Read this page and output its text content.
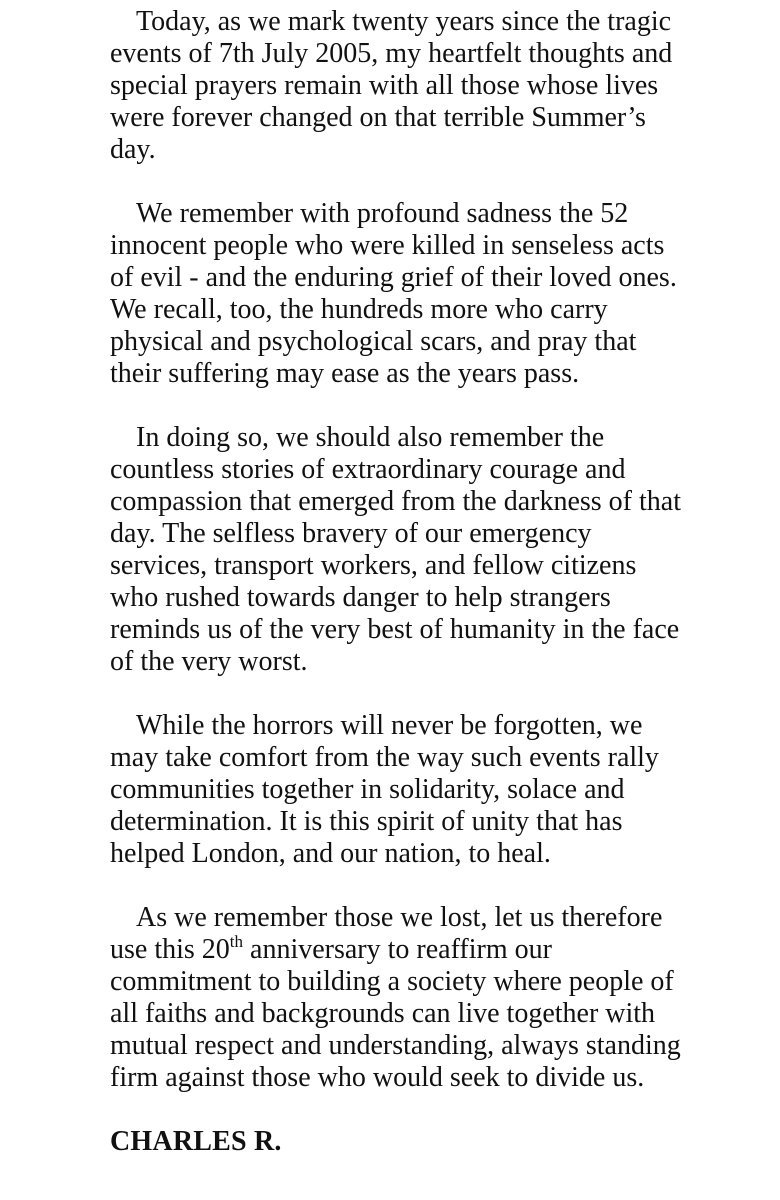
Today, as we mark twenty years since the tragic
events of 7th July 2005, my heartfelt thoughts and
special prayers remain with all those whose lives
were forever changed on that terrible Summer’s
day.

We remember with profound sadness the 52
innocent people who were killed in senseless acts
of evil - and the enduring grief of their loved ones.
We recall, too, the hundreds more who carry
physical and psychological scars, and pray that
their suffering may ease as the years pass.

In doing so, we should also remember the
countless stories of extraordinary courage and
compassion that emerged from the darkness of that
day. The selfless bravery of our emergency
services, transport workers, and fellow citizens
who rushed towards danger to help strangers
reminds us of the very best of humanity in the face
of the very worst.

While the horrors will never be forgotten, we
may take comfort from the way such events rally
communities together in solidarity, solace and
determination. It is this spirit of unity that has
helped London, and our nation, to heal.

As we remember those we lost, let us therefore
use this 20th anniversary to reaffirm our
commitment to building a society where people of
all faiths and backgrounds can live together with
mutual respect and understanding, always standing
firm against those who would seek to divide us.

CHARLES R.
